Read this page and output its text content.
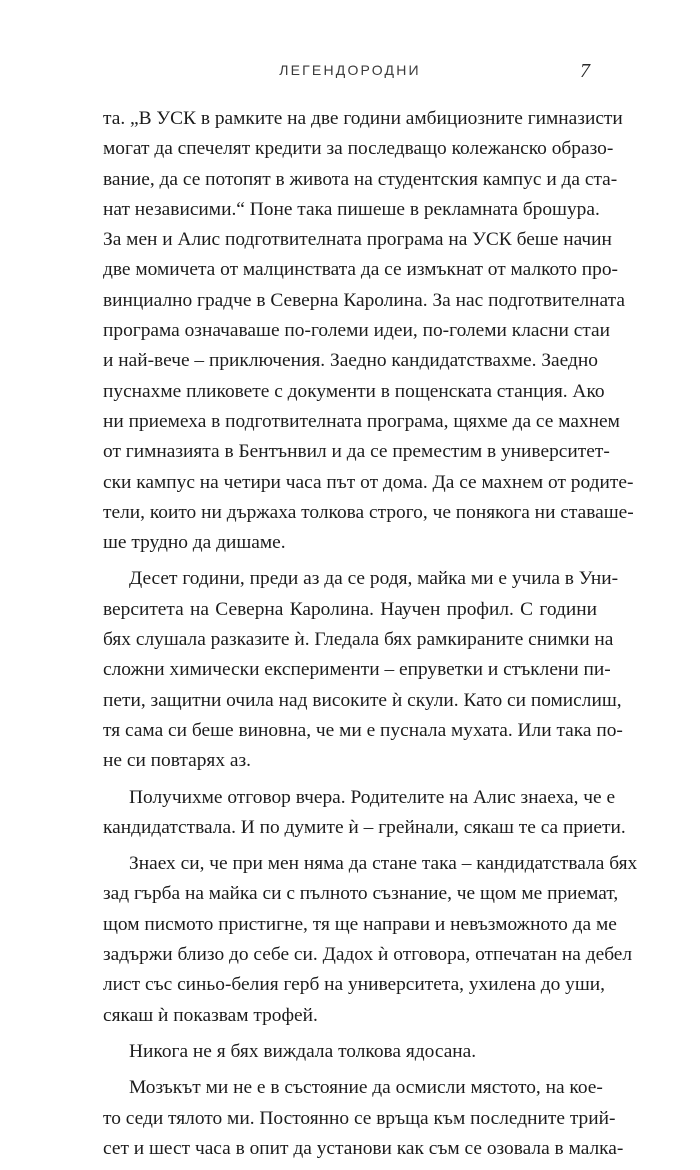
ЛЕГЕНДОРОДНИ	7
та. „В УСК в рамките на две години амбициозните гимназисти
могат да спечелят кредити за последващо колежанско образо-
вание, да се потопят в живота на студентския кампус и да ста-
нат независими.“ Поне така пишеше в рекламната брошура.
За мен и Алис подготвителната програма на УСК беше начин
две момичета от малцинствата да се измъкнат от малкото про-
винциално градче в Северна Каролина. За нас подготвителната
програма означаваше по-големи идеи, по-големи класни стаи
и най-вече – приключения. Заедно кандидатствахме. Заедно
пуснахме пликовете с документи в пощенската станция. Ако
ни приемеха в подготвителната програма, щяхме да се махнем
от гимназията в Бентънвил и да се преместим в университет-
ски кампус на четири часа път от дома. Да се махнем от родите-
тели, които ни държаха толкова строго, че понякога ни ставаше-
ше трудно да дишаме.
Десет години, преди аз да се родя, майка ми е учила в Уни-
верситета на Северна Каролина. Научен профил. С години
бях слушала разказите ѝ. Гледала бях рамкираните снимки на
сложни химически експерименти – епруветки и стъклени пи-
пети, защитни очила над високите ѝ скули. Като си помислиш,
тя сама си беше виновна, че ми е пуснала мухата. Или така по-
не си повтарях аз.
Получихме отговор вчера. Родителите на Алис знаеха, че е
кандидатствала. И по думите ѝ – грейнали, сякаш те са приети.
Знаех си, че при мен няма да стане така – кандидатствала бях
зад гърба на майка си с пълното съзнание, че щом ме приемат,
щом писмото пристигне, тя ще направи и невъзможното да ме
задържи близо до себе си. Дадох ѝ отговора, отпечатан на дебел
лист със синьо-белия герб на университета, ухилена до уши,
сякаш ѝ показвам трофей.
Никога не я бях виждала толкова ядосана.
Мозъкът ми не е в състояние да осмисли мястото, на кое-
то седи тялото ми. Постоянно се връща към последните трий-
сет и шест часа в опит да установи как съм се озовала в малка-
